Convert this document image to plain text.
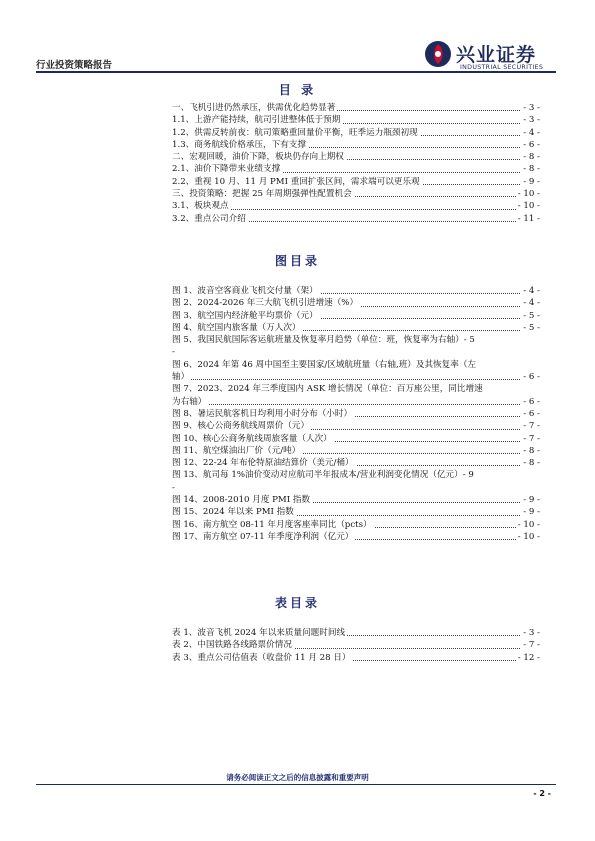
行业投资策略报告	兴业证券
INDUSTRIAL SECURITIES
目 录
一、飞机引进仍然承压，供需优化趋势显著	- 3 -
1.1、上游产能持续，航司引进整体低于预期	- 3 -
1.2、供需反转前夜：航司策略重回量价平衡，旺季运力瓶颈初现	- 4 -
1.3、商务航线价格承压，下有支撑	- 6 -
二、宏观回暖，油价下降，板块仍存向上期权	- 8 -
2.1、油价下降带来业绩支撑	- 8 -
2.2、重视 10 月、11 月 PMI 重回扩张区间，需求端可以更乐观	- 9 -
三、投资策略：把握 25 年周期强弹性配置机会	- 10 -
3.1、板块观点	- 10 -
3.2、重点公司介绍	- 11 -
图目录
图 1、波音空客商业飞机交付量（架）	- 4 -
图 2、2024-2026 年三大航飞机引进增速（%）	- 4 -
图 3、航空国内经济舱平均票价（元）	- 5 -
图 4、航空国内旅客量（万人次）	- 5 -
图 5、我国民航国际客运航班量及恢复率月趋势（单位：班，恢复率为右轴）- 5
-
图 6、2024 年第 46 周中国至主要国家/区域航班量（右轴,班）及其恢复率（左
轴）	- 6 -
图 7、2023、2024 年三季度国内 ASK 增长情况（单位：百万座公里，同比增速
为右轴）	- 6 -
图 8、暑运民航客机日均利用小时分布（小时）	- 6 -
图 9、核心公商务航线周票价（元）	- 7 -
图 10、核心公商务航线周旅客量（人次）	- 7 -
图 11、航空煤油出厂价（元/吨）	- 8 -
图 12、22-24 年布伦特原油结算价（美元/桶）	- 8 -
图 13、航司每 1%油价变动对应航司半年报成本/营业利润变化情况（亿元）- 9
-
图 14、2008-2010 月度 PMI 指数	- 9 -
图 15、2024 年以来 PMI 指数	- 9 -
图 16、南方航空 08-11 年月度客座率同比（pcts）	- 10 -
图 17、南方航空 07-11 年季度净利润（亿元）	- 10 -
表目录
表 1、波音飞机 2024 年以来质量问题时间线	- 3 -
表 2、中国铁路各线路票价情况	- 7 -
表 3、重点公司估值表（收盘价 11 月 28 日）	- 12 -
请务必阅读正文之后的信息披露和重要声明
- 2 -
